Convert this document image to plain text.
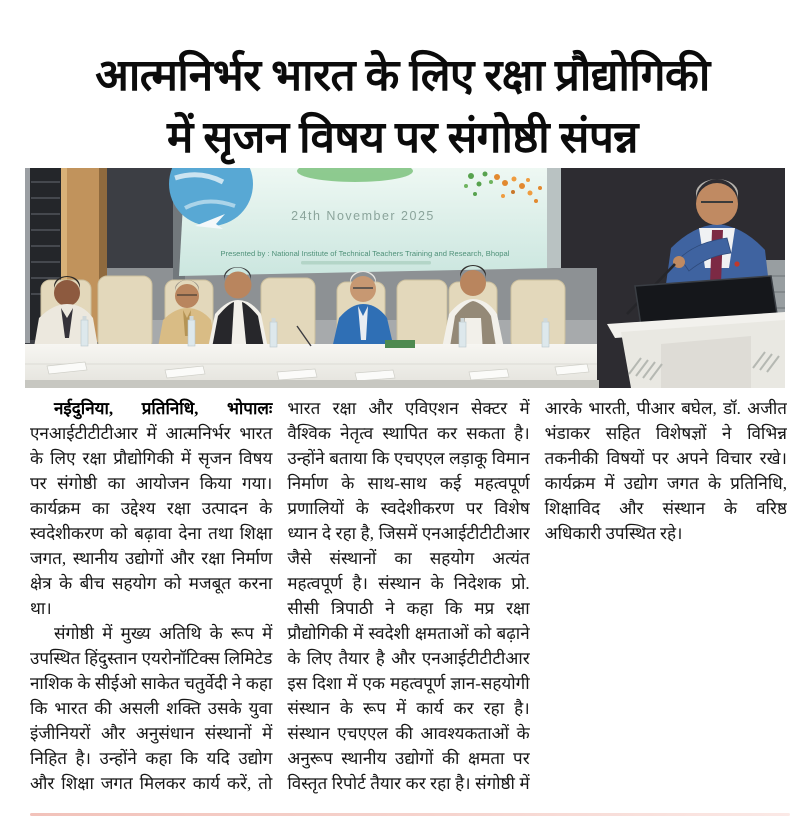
आत्मनिर्भर भारत के लिए रक्षा प्रौद्योगिकी
में सृजन विषय पर संगोष्ठी संपन्न
24th November 2025
Presented by : National Institute of Technical Teachers Training and Research, Bhopal

नईदुनिया, प्रतिनिधि, भोपालः एनआईटीटीटीआर में आत्मनिर्भर भारत के लिए रक्षा प्रौद्योगिकी में सृजन विषय पर संगोष्ठी का आयोजन किया गया। कार्यक्रम का उद्देश्य रक्षा उत्पादन के स्वदेशीकरण को बढ़ावा देना तथा शिक्षा जगत, स्थानीय उद्योगों और रक्षा निर्माण क्षेत्र के बीच सहयोग को मजबूत करना था।

संगोष्ठी में मुख्य अतिथि के रूप में उपस्थित हिंदुस्तान एयरोनॉटिक्स लिमिटेड नाशिक के सीईओ साकेत चतुर्वेदी ने कहा कि भारत की असली शक्ति उसके युवा इंजीनियरों और अनुसंधान संस्थानों में निहित है। उन्होंने कहा कि यदि उद्योग और शिक्षा जगत मिलकर कार्य करें, तो भारत रक्षा और एविएशन सेक्टर में वैश्विक नेतृत्व स्थापित कर सकता है। उन्होंने बताया कि एचएएल लड़ाकू विमान निर्माण के साथ-साथ कई महत्वपूर्ण प्रणालियों के स्वदेशीकरण पर विशेष ध्यान दे रहा है, जिसमें एनआईटीटीटीआर जैसे संस्थानों का सहयोग अत्यंत महत्वपूर्ण है। संस्थान के निदेशक प्रो. सीसी त्रिपाठी ने कहा कि मप्र रक्षा प्रौद्योगिकी में स्वदेशी क्षमताओं को बढ़ाने के लिए तैयार है और एनआईटीटीटीआर इस दिशा में एक महत्वपूर्ण ज्ञान-सहयोगी संस्थान के रूप में कार्य कर रहा है। संस्थान एचएएल की आवश्यकताओं के अनुरूप स्थानीय उद्योगों की क्षमता पर विस्तृत रिपोर्ट तैयार कर रहा है। संगोष्ठी में आरके भारती, पीआर बघेल, डॉ. अजीत भंडाकर सहित विशेषज्ञों ने विभिन्न तकनीकी विषयों पर अपने विचार रखे। कार्यक्रम में उद्योग जगत के प्रतिनिधि, शिक्षाविद और संस्थान के वरिष्ठ अधिकारी उपस्थित रहे।
